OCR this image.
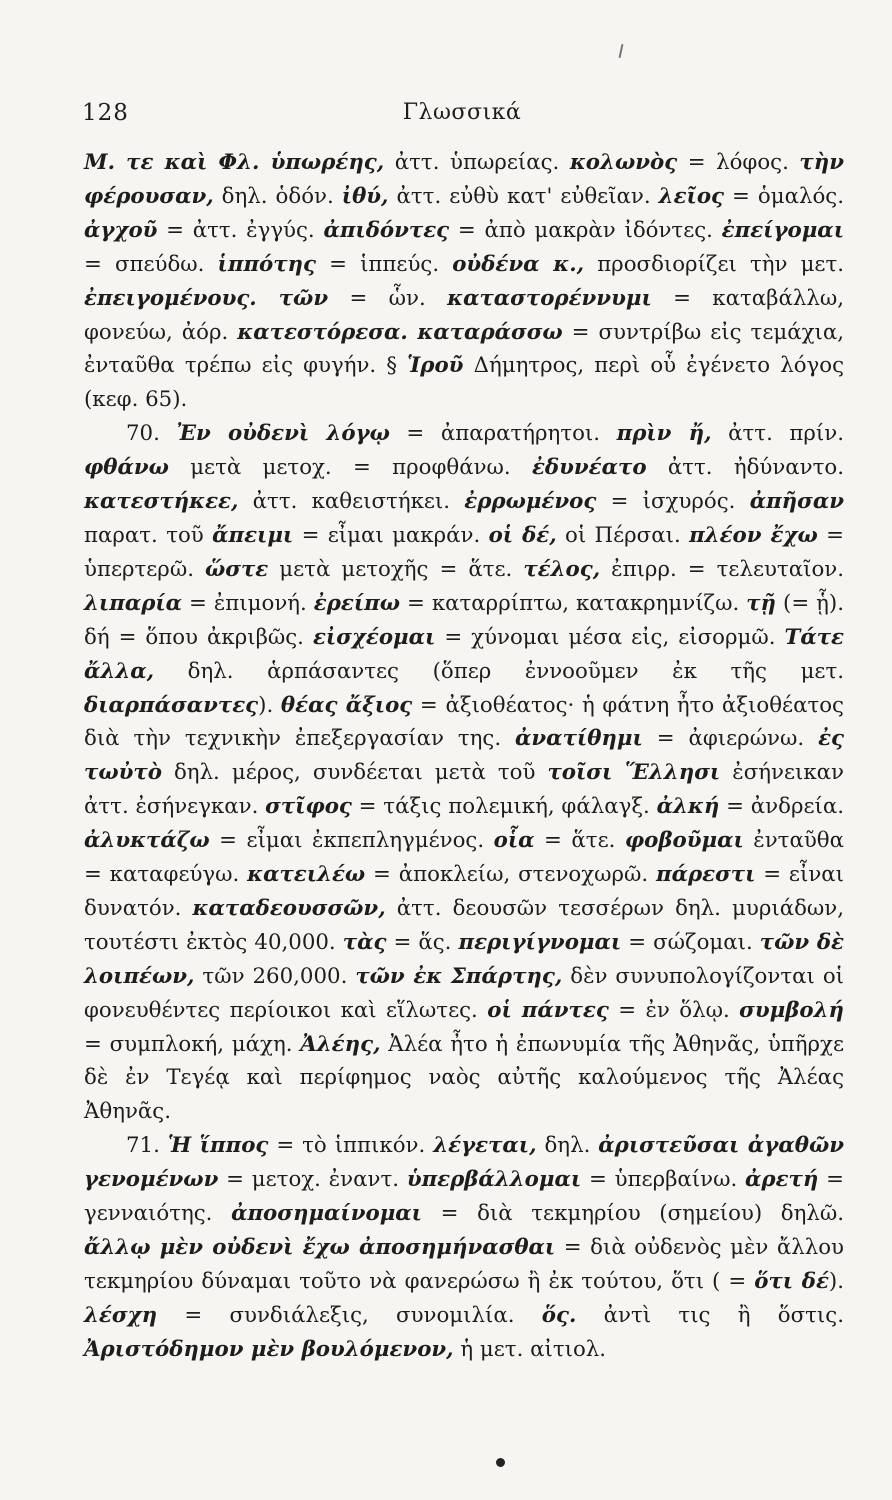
128	Γλωσσικά

Μ. τε καὶ Φλ. ὑπωρέης, ἀττ. ὑπωρείας. κολωνὸς = λόφος. τὴν φέρουσαν, δηλ. ὁδόν. ἰθύ, ἀττ. εὐθὺ κατ' εὐθεῖαν. λεῖος = ὁμαλός. ἀγχοῦ = ἀττ. ἐγγύς. ἀπιδόντες = ἀπὸ μακρὰν ἰδόντες. ἐπείγομαι = σπεύδω. ἱππότης = ἱππεύς. οὐδένα κ., προσδιορίζει τὴν μετ. ἐπειγομένους. τῶν = ὧν. καταστορέννυμι = καταβάλλω, φονεύω, ἀόρ. κατεστόρεσα. καταράσσω = συντρίβω εἰς τεμάχια, ἐνταῦθα τρέπω εἰς φυγήν. § Ἱροῦ Δήμητρος, περὶ οὗ ἐγένετο λόγος (κεφ. 65).

70. Ἐν οὐδενὶ λόγῳ = ἀπαρατήρητοι. πρὶν ἤ, ἀττ. πρίν. φθάνω μετὰ μετοχ. = προφθάνω. ἐδυνέατο ἀττ. ἠδύναντο. κατεστήκεε, ἀττ. καθειστήκει. ἐρρωμένος = ἰσχυρός. ἀπῆσαν παρατ. τοῦ ἄπειμι = εἶμαι μακράν. οἱ δέ, οἱ Πέρσαι. πλέον ἔχω = ὑπερτερῶ. ὥστε μετὰ μετοχῆς = ἅτε. τέλος, ἐπιρρ. = τελευταῖον. λιπαρία = ἐπιμονή. ἐρείπω = καταρρίπτω, κατακρημνίζω. τῇ (= ᾗ). δή = ὅπου ἀκριβῶς. εἰσχέομαι = χύνομαι μέσα εἰς, εἰσορμῶ. Τάτε ἄλλα, δηλ. ἁρπάσαντες (ὅπερ ἐννοοῦμεν ἐκ τῆς μετ. διαρπάσαντες). θέας ἄξιος = ἀξιοθέατος· ἡ φάτνη ἦτο ἀξιοθέατος διὰ τὴν τεχνικὴν ἐπεξεργασίαν της. ἀνατίθημι = ἀφιερώνω. ἐς τωὐτὸ δηλ. μέρος, συνδέεται μετὰ τοῦ τοῖσι Ἕλλησι ἐσήνεικαν ἀττ. ἐσήνεγκαν. στῖφος = τάξις πολεμική, φάλαγξ. ἀλκή = ἀνδρεία. ἀλυκτάζω = εἶμαι ἐκπεπληγμένος. οἷα = ἅτε. φοβοῦμαι ἐνταῦθα = καταφεύγω. κατειλέω = ἀποκλείω, στενοχωρῶ. πάρεστι = εἶναι δυνατόν. καταδεουσσῶν, ἀττ. δεουσῶν τεσσέρων δηλ. μυριάδων, τουτέστι ἐκτὸς 40,000. τὰς = ἅς. περιγίγνομαι = σώζομαι. τῶν δὲ λοιπέων, τῶν 260,000. τῶν ἐκ Σπάρτης, δὲν συνυπολογίζονται οἱ φονευθέντες περίοικοι καὶ εἵλωτες. οἱ πάντες = ἐν ὅλῳ. συμβολή = συμπλοκή, μάχη. Ἀλέης, Ἀλέα ἦτο ἡ ἐπωνυμία τῆς Ἀθηνᾶς, ὑπῆρχε δὲ ἐν Τεγέᾳ καὶ περίφημος ναὸς αὐτῆς καλούμενος τῆς Ἀλέας Ἀθηνᾶς.

71. Ἡ ἵππος = τὸ ἱππικόν. λέγεται, δηλ. ἀριστεῦσαι ἀγαθῶν γενομένων = μετοχ. ἐναντ. ὑπερβάλλομαι = ὑπερβαίνω. ἀρετή = γενναιότης. ἀποσημαίνομαι = διὰ τεκμηρίου (σημείου) δηλῶ. ἄλλῳ μὲν οὐδενὶ ἔχω ἀποσημήνασθαι = διὰ οὐδενὸς μὲν ἄλλου τεκμηρίου δύναμαι τοῦτο νὰ φανερώσω ἢ ἐκ τούτου, ὅτι ( = ὅτι δέ). λέσχη = συνδιάλεξις, συνομιλία. ὅς. ἀντὶ τις ἢ ὅστις. Ἀριστόδημον μὲν βουλόμενον, ἡ μετ. αἰτιολ.
